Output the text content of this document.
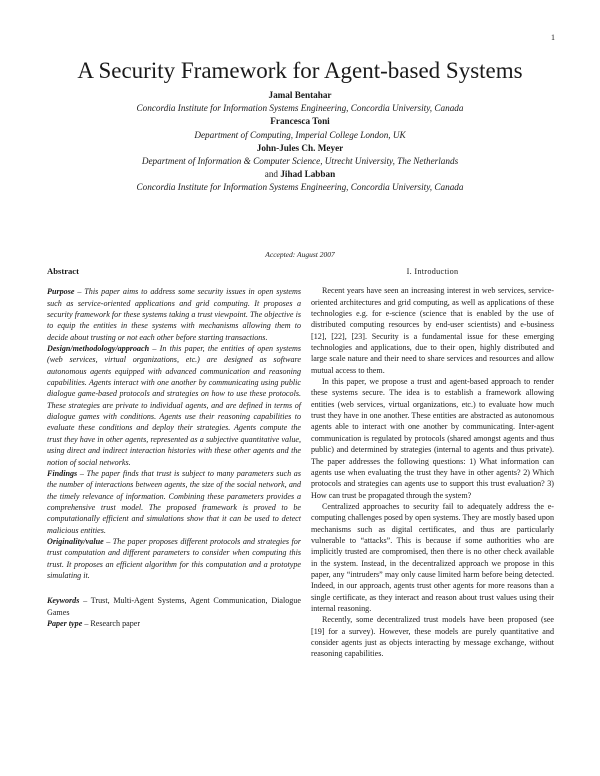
1
A Security Framework for Agent-based Systems
Jamal Bentahar
Concordia Institute for Information Systems Engineering, Concordia University, Canada
Francesca Toni
Department of Computing, Imperial College London, UK
John-Jules Ch. Meyer
Department of Information & Computer Science, Utrecht University, The Netherlands
and Jihad Labban
Concordia Institute for Information Systems Engineering, Concordia University, Canada
Accepted: August 2007
Abstract

Purpose – This paper aims to address some security issues in open systems such as service-oriented applications and grid computing. It proposes a security framework for these systems taking a trust viewpoint. The objective is to equip the entities in these systems with mechanisms allowing them to decide about trusting or not each other before starting transactions.

Design/methodology/approach – In this paper, the entities of open systems (web services, virtual organizations, etc.) are designed as software autonomous agents equipped with advanced communication and reasoning capabilities. Agents interact with one another by communicating using public dialogue game-based protocols and strategies on how to use these protocols. These strategies are private to individual agents, and are defined in terms of dialogue games with conditions. Agents use their reasoning capabilities to evaluate these conditions and deploy their strategies. Agents compute the trust they have in other agents, represented as a subjective quantitative value, using direct and indirect interaction histories with these other agents and the notion of social networks.

Findings – The paper finds that trust is subject to many parameters such as the number of interactions between agents, the size of the social network, and the timely relevance of information. Combining these parameters provides a comprehensive trust model. The proposed framework is proved to be computationally efficient and simulations show that it can be used to detect malicious entities.

Originality/value – The paper proposes different protocols and strategies for trust computation and different parameters to consider when computing this trust. It proposes an efficient algorithm for this computation and a prototype simulating it.

Keywords – Trust, Multi-Agent Systems, Agent Communication, Dialogue Games

Paper type – Research paper

I. Introduction

Recent years have seen an increasing interest in web services, service-oriented architectures and grid computing, as well as applications of these technologies e.g. for e-science (science that is enabled by the use of distributed computing resources by end-user scientists) and e-business [12], [22], [23]. Security is a fundamental issue for these emerging technologies and applications, due to their open, highly distributed and large scale nature and their need to share services and resources and allow mutual access to them.

In this paper, we propose a trust and agent-based approach to render these systems secure. The idea is to establish a framework allowing entities (web services, virtual organizations, etc.) to evaluate how much trust they have in one another. These entities are abstracted as autonomous agents able to interact with one another by communicating. Inter-agent communication is regulated by protocols (shared amongst agents and thus public) and determined by strategies (internal to agents and thus private). The paper addresses the following questions: 1) What information can agents use when evaluating the trust they have in other agents? 2) Which protocols and strategies can agents use to support this trust evaluation? 3) How can trust be propagated through the system?

Centralized approaches to security fail to adequately address the e-computing challenges posed by open systems. They are mostly based upon mechanisms such as digital certificates, and thus are particularly vulnerable to “attacks”. This is because if some authorities who are implicitly trusted are compromised, then there is no other check available in the system. Instead, in the decentralized approach we propose in this paper, any “intruders” may only cause limited harm before being detected. Indeed, in our approach, agents trust other agents for more reasons than a single certificate, as they interact and reason about trust values using their internal reasoning.

Recently, some decentralized trust models have been proposed (see [19] for a survey). However, these models are purely quantitative and consider agents just as objects interacting by message exchange, without reasoning capabilities.
